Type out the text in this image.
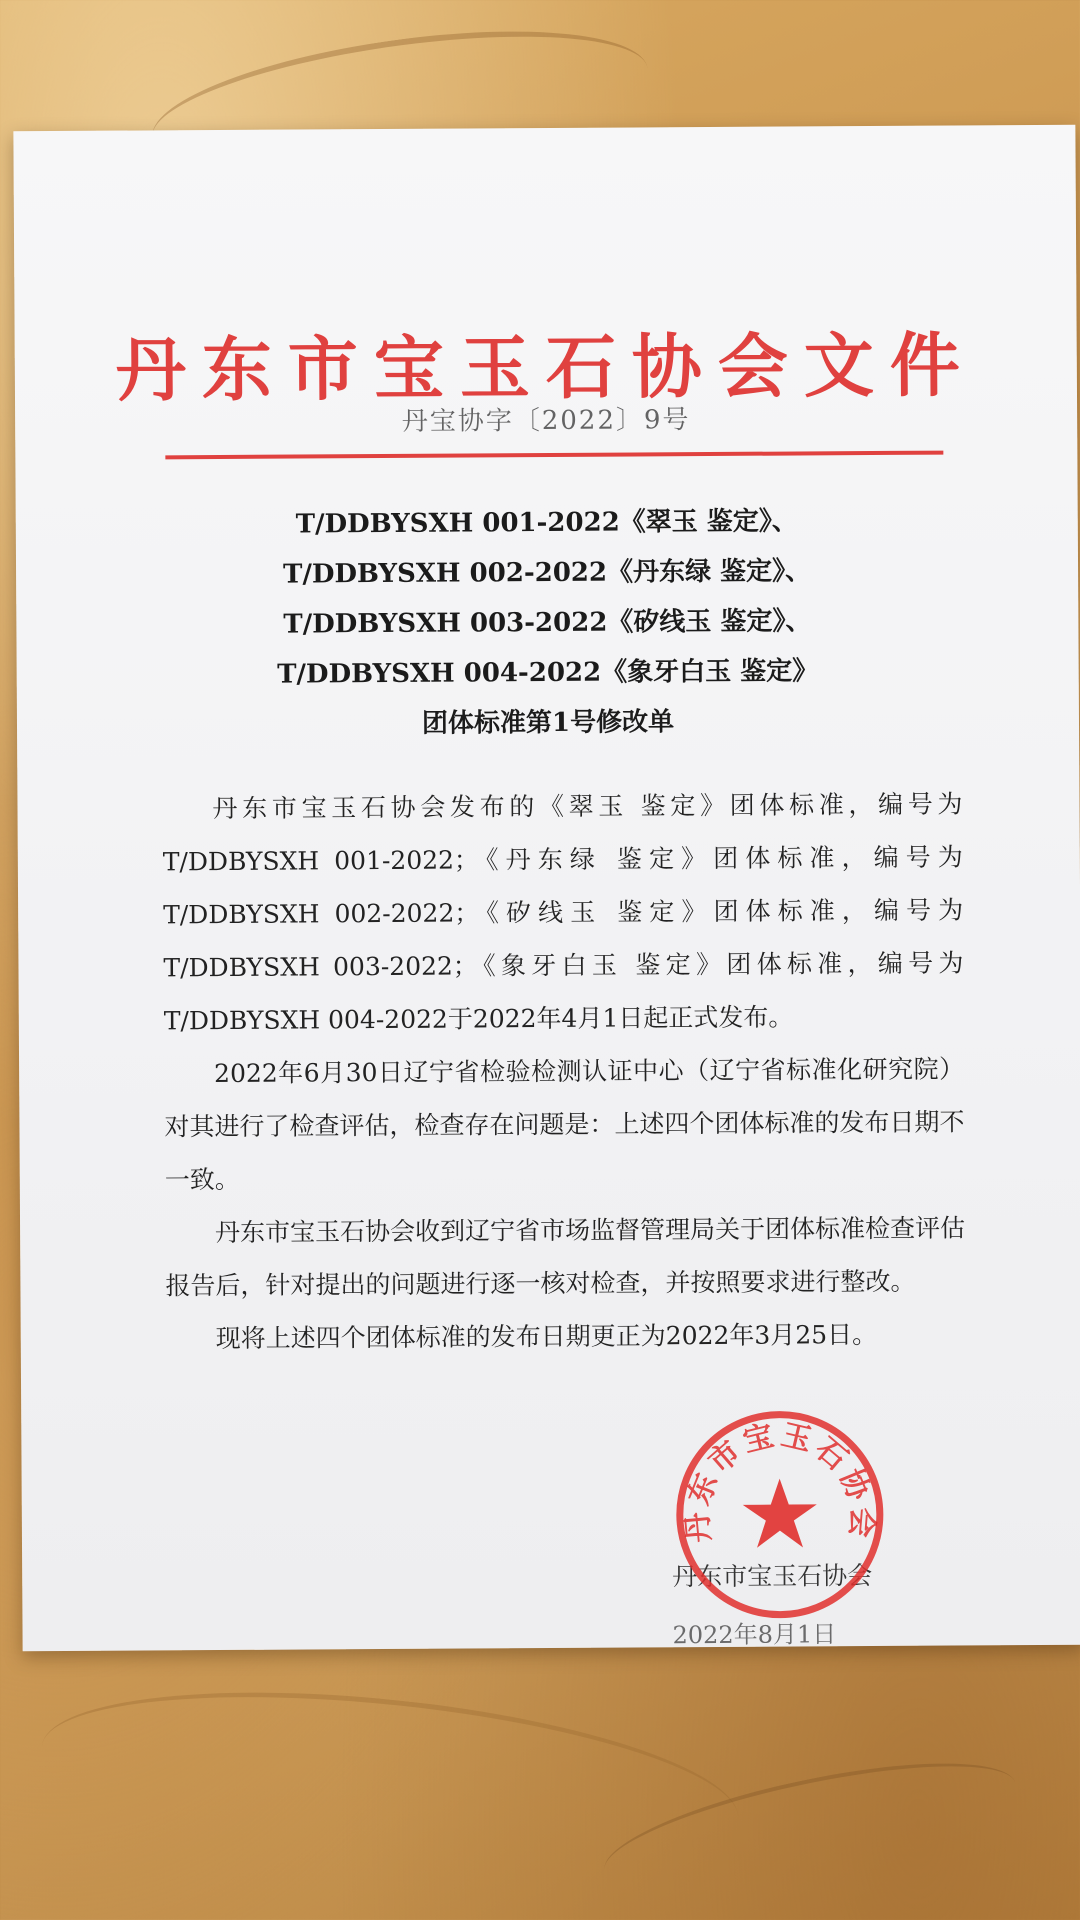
丹东市宝玉石协会文件
丹宝协字〔2022〕9号
T/DDBYSXH 001-2022《翠玉 鉴定》、
T/DDBYSXH 002-2022《丹东绿 鉴定》、
T/DDBYSXH 003-2022《矽线玉 鉴定》、
T/DDBYSXH 004-2022《象牙白玉 鉴定》
团体标准第1号修改单

丹东市宝玉石协会发布的《翠玉 鉴定》团体标准，编号为T/DDBYSXH 001-2022；《丹东绿 鉴定》团体标准，编号为T/DDBYSXH 002-2022；《矽线玉 鉴定》团体标准，编号为T/DDBYSXH 003-2022；《象牙白玉 鉴定》团体标准，编号为T/DDBYSXH 004-2022于2022年4月1日起正式发布。

2022年6月30日辽宁省检验检测认证中心（辽宁省标准化研究院）对其进行了检查评估，检查存在问题是：上述四个团体标准的发布日期不一致。

丹东市宝玉石协会收到辽宁省市场监督管理局关于团体标准检查评估报告后，针对提出的问题进行逐一核对检查，并按照要求进行整改。

现将上述四个团体标准的发布日期更正为2022年3月25日。

丹东市宝玉石协会
2022年8月1日
丹东市宝玉石协会
